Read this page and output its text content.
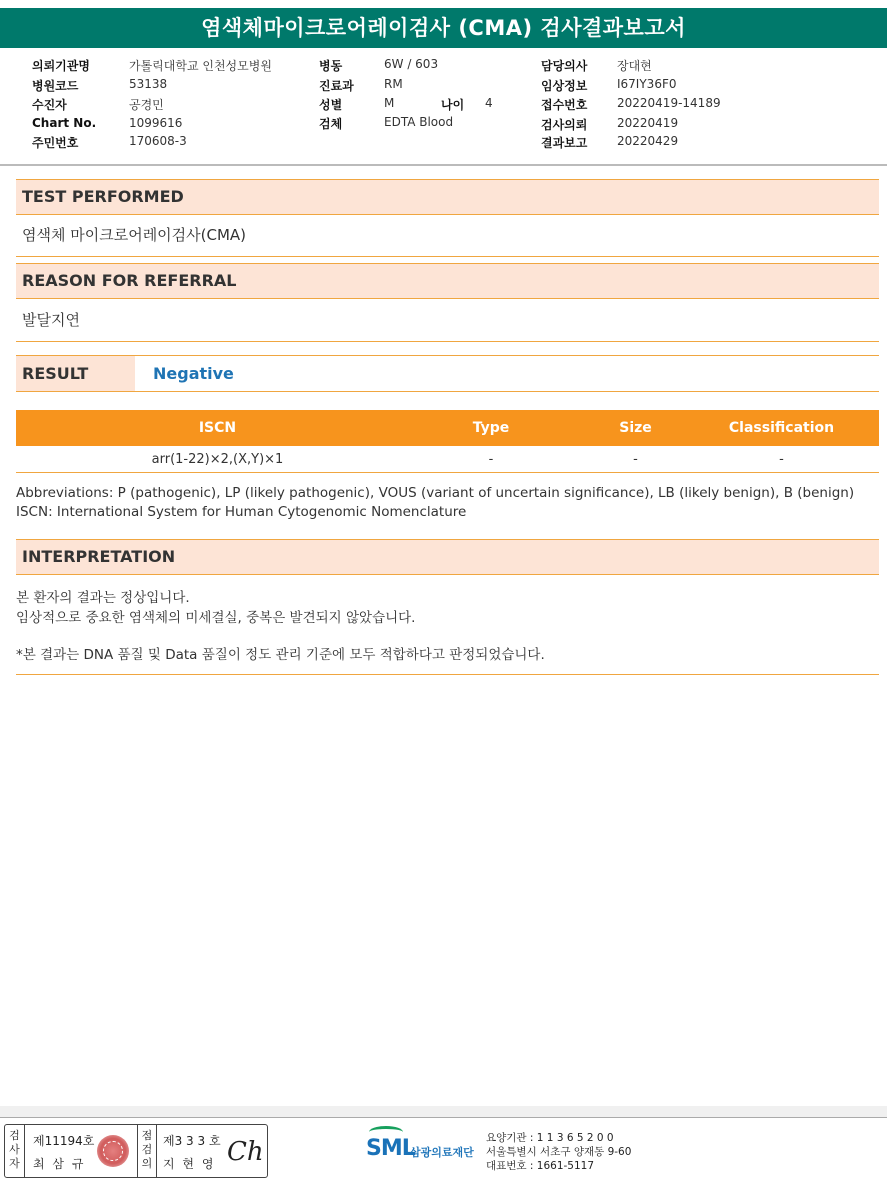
염색체마이크로어레이검사 (CMA) 검사결과보고서
의뢰기관명	가톨릭대학교 인천성모병원
병원코드	53138
수진자	공경민
Chart No.	1099616
주민번호	170608-3
병동	6W / 603
진료과	RM
성별	M	나이 4
검체	EDTA Blood
담당의사 장대현
임상정보 I67IY36F0
접수번호 20220419-14189
검사의뢰 20220419
결과보고 20220429
TEST PERFORMED
염색체 마이크로어레이검사(CMA)
REASON FOR REFERRAL
발달지연
RESULT	Negative
ISCN	Type	Size	Classification
arr(1-22)×2,(X,Y)×1	-	-	-
Abbreviations: P (pathogenic), LP (likely pathogenic), VOUS (variant of uncertain significance), LB (likely benign), B (benign)
ISCN: International System for Human Cytogenomic Nomenclature
INTERPRETATION
본 환자의 결과는 정상입니다.
임상적으로 중요한 염색체의 미세결실, 중복은 발견되지 않았습니다.
*본 결과는 DNA 품질 및 Data 품질이 정도 관리 기준에 모두 적합하다고 판정되었습니다.
검
사
자
제11194호
최 삼 규
점
검
의
제3 3 3 호
지 현 영 Ch	SML
삼광의료재단
요양기관 : 1 1 3 6 5 2 0 0
서울특별시 서초구 양재동 9-60
대표번호 : 1661-5117
